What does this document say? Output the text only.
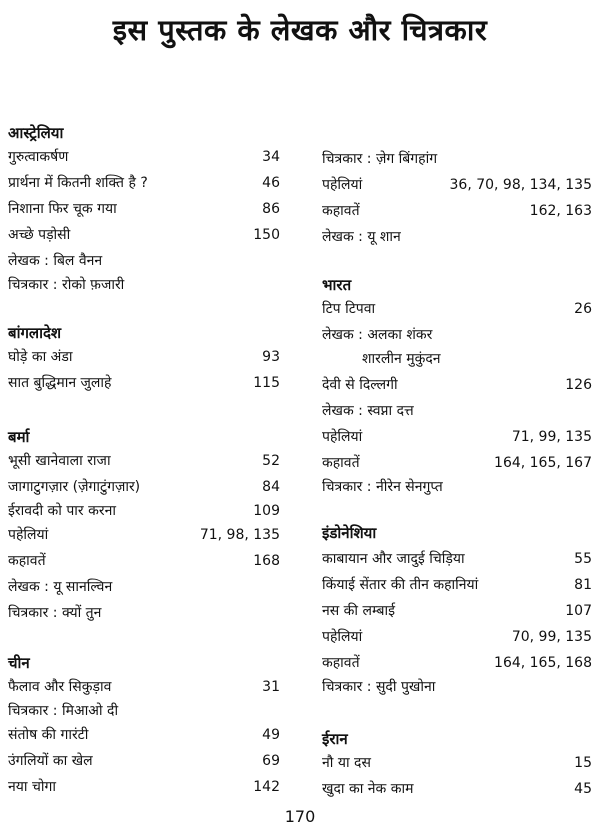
इस पुस्तक के लेखक और चित्रकार
आस्ट्रेलिया
गुरुत्वाकर्षण	34
प्रार्थना में कितनी शक्ति है ?	46
निशाना फिर चूक गया	86
अच्छे पड़ोसी	150
लेखक : बिल वैनन
चित्रकार : रोको फ़जारी
बांगलादेश
घोड़े का अंडा	93
सात बुद्धिमान जुलाहे	115
बर्मा
भूसी खानेवाला राजा	52
जागाटुगज़ार (ज़ेगाटुंगज़ार)	84
ईरावदी को पार करना	109
पहेलियां	71, 98, 135
कहावतें	168
लेखक : यू सानल्विन
चित्रकार : क्यों तुन
चीन
फैलाव और सिकुड़ाव	31
चित्रकार : मिआओ दी
संतोष की गारंटी	49
उंगलियों का खेल	69
नया चोगा	142
चित्रकार : ज़ेग बिंगहांग
पहेलियां	36, 70, 98, 134, 135
कहावतें	162, 163
लेखक : यू शान
भारत
टिप टिपवा	26
लेखक : अलका शंकर
शारलीन मुकुंदन
देवी से दिल्लगी	126
लेखक : स्वप्ना दत्त
पहेलियां	71, 99, 135
कहावतें	164, 165, 167
चित्रकार : नीरेन सेनगुप्त
इंडोनेशिया
काबायान और जादुई चिड़िया	55
किंयाई सेंतार की तीन कहानियां	81
नस की लम्बाई	107
पहेलियां	70, 99, 135
कहावतें	164, 165, 168
चित्रकार : सुदी पुखोना
ईरान
नौ या दस	15
खुदा का नेक काम	45
170
